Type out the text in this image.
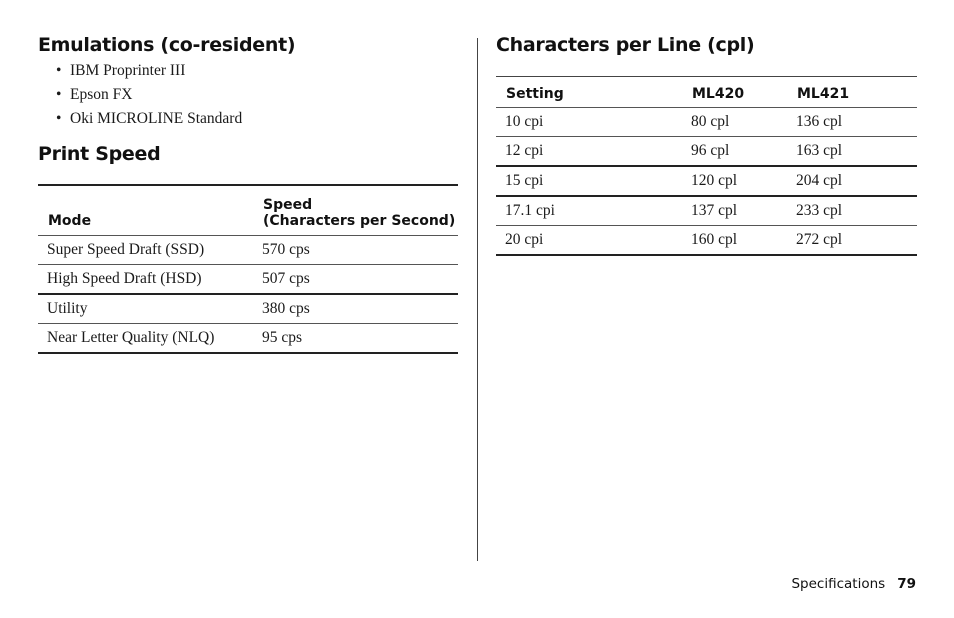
Emulations (co-resident)
• IBM Proprinter III
• Epson FX
• Oki MICROLINE Standard
Print Speed
Mode	Speed
(Characters per Second)
Super Speed Draft (SSD)	570 cps
High Speed Draft (HSD)	507 cps
Utility	380 cps
Near Letter Quality (NLQ)	95 cps
Characters per Line (cpl)
Setting	ML420	ML421
10 cpi	80 cpl	136 cpl
12 cpi	96 cpl	163 cpl
15 cpi	120 cpl	204 cpl
17.1 cpi	137 cpl	233 cpl
20 cpi	160 cpl	272 cpl
Specifications 79
